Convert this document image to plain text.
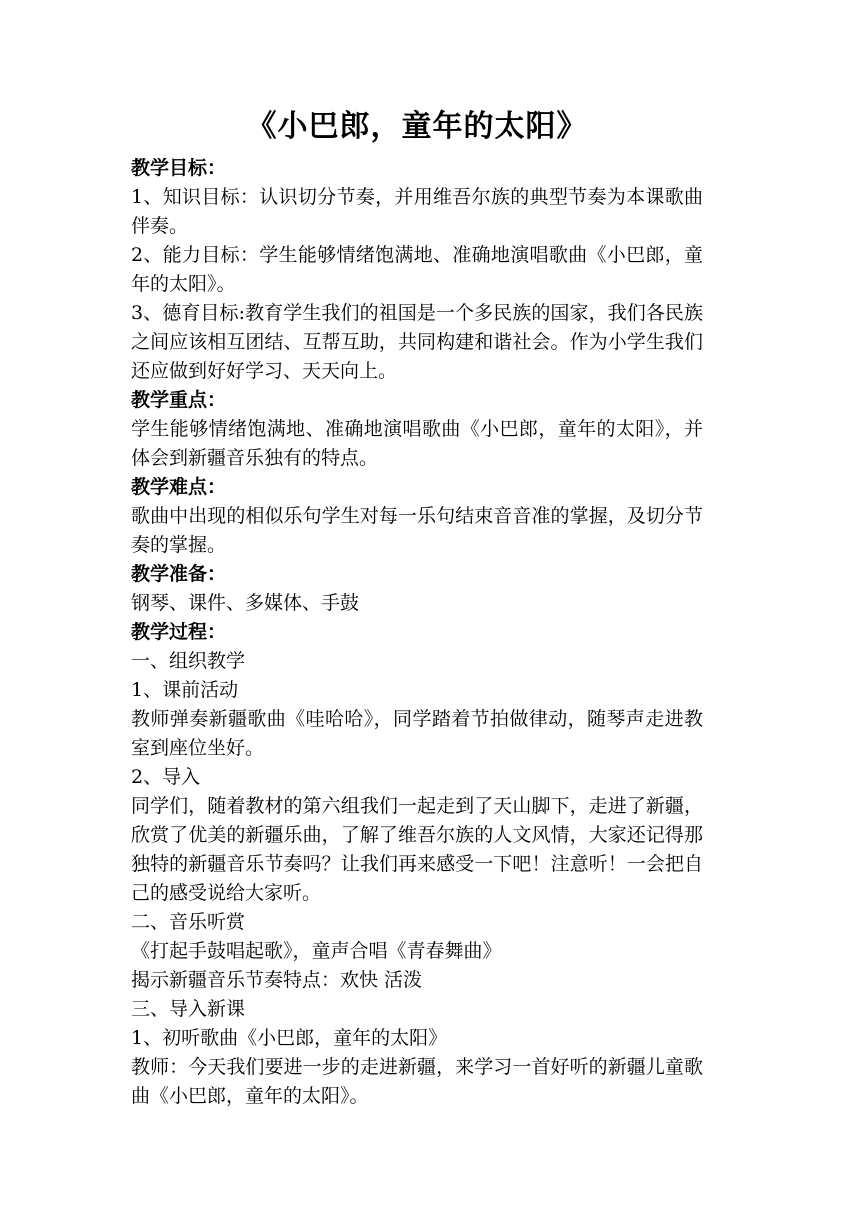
《小巴郎，童年的太阳》

教学目标：

1、知识目标：认识切分节奏，并用维吾尔族的典型节奏为本课歌曲伴奏。

2、能力目标：学生能够情绪饱满地、准确地演唱歌曲《小巴郎，童年的太阳》。

3、德育目标:教育学生我们的祖国是一个多民族的国家，我们各民族之间应该相互团结、互帮互助，共同构建和谐社会。作为小学生我们还应做到好好学习、天天向上。

教学重点：

学生能够情绪饱满地、准确地演唱歌曲《小巴郎，童年的太阳》，并体会到新疆音乐独有的特点。

教学难点：

歌曲中出现的相似乐句学生对每一乐句结束音音准的掌握，及切分节奏的掌握。

教学准备：

钢琴、课件、多媒体、手鼓

教学过程：

一、组织教学

1、课前活动

教师弹奏新疆歌曲《哇哈哈》，同学踏着节拍做律动，随琴声走进教室到座位坐好。

2、导入

同学们，随着教材的第六组我们一起走到了天山脚下，走进了新疆，欣赏了优美的新疆乐曲，了解了维吾尔族的人文风情，大家还记得那独特的新疆音乐节奏吗？让我们再来感受一下吧！注意听！一会把自己的感受说给大家听。

二、音乐听赏

《打起手鼓唱起歌》，童声合唱《青春舞曲》

揭示新疆音乐节奏特点：欢快 活泼

三、导入新课

1、初听歌曲《小巴郎，童年的太阳》

教师：今天我们要进一步的走进新疆，来学习一首好听的新疆儿童歌曲《小巴郎，童年的太阳》。
